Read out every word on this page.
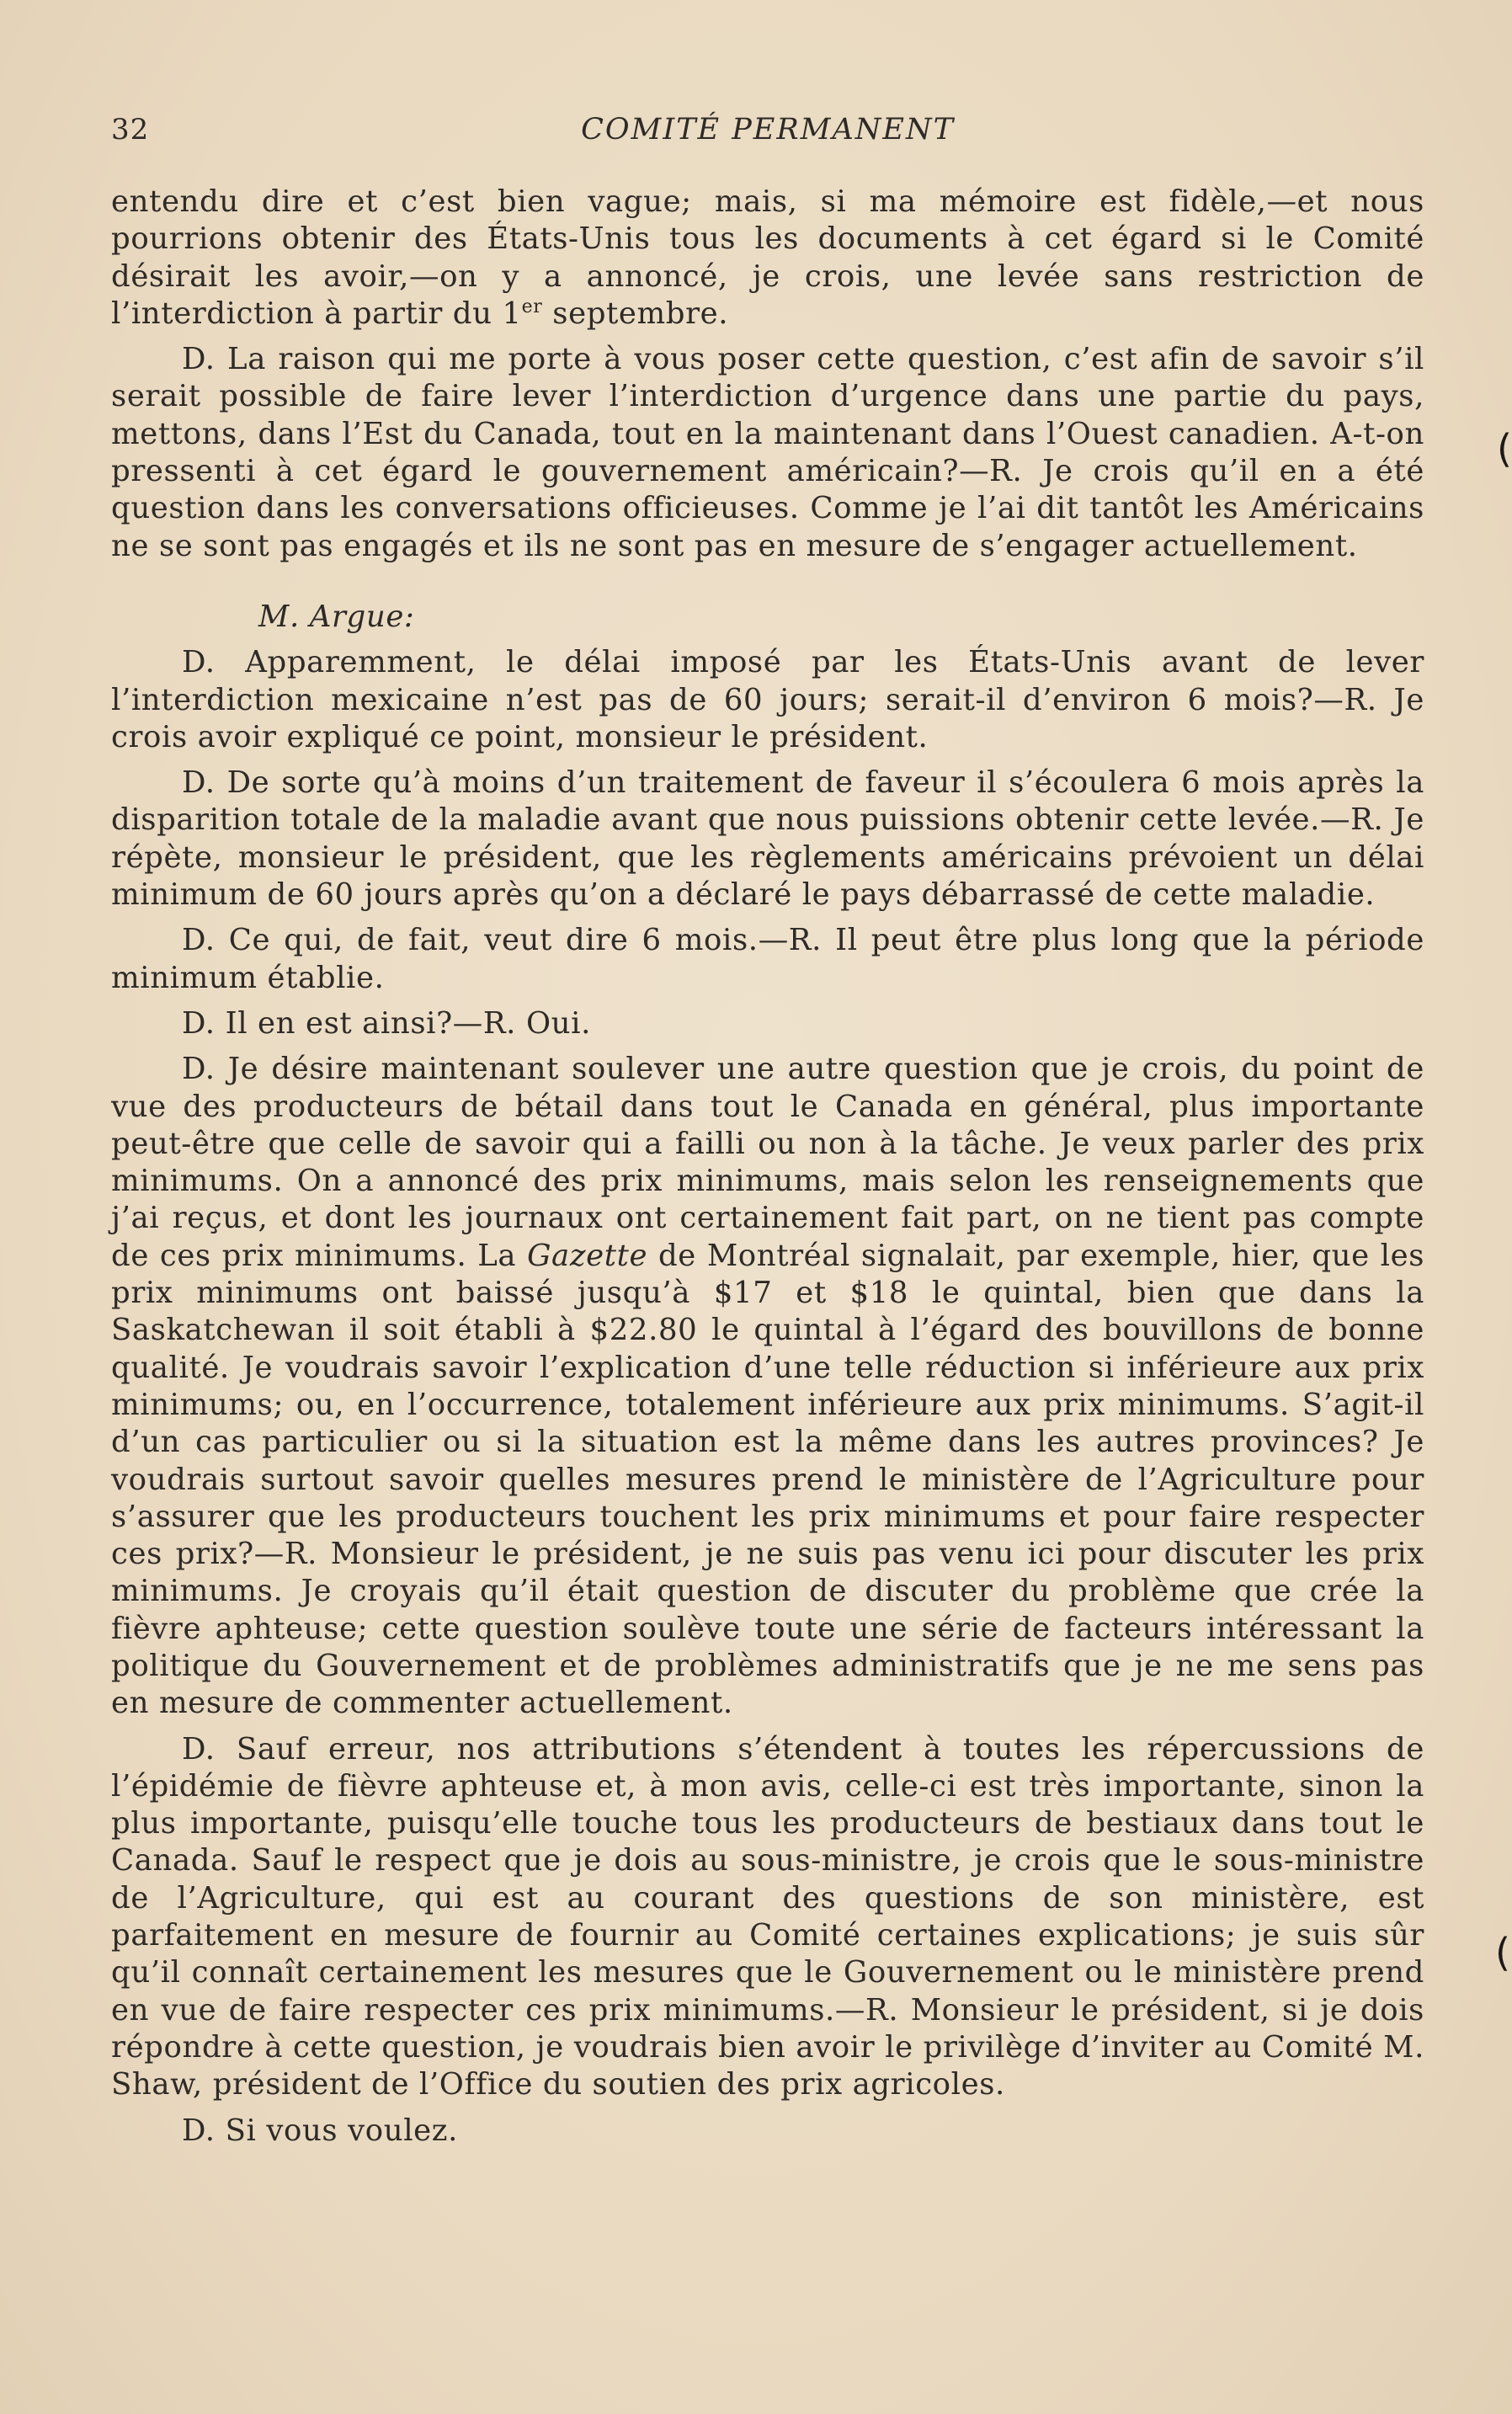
32	COMITÉ PERMANENT

entendu dire et c’est bien vague; mais, si ma mémoire est fidèle,—et nous pourrions obtenir des États-Unis tous les documents à cet égard si le Comité désirait les avoir,—on y a annoncé, je crois, une levée sans restriction de l’interdiction à partir du 1er septembre.

D. La raison qui me porte à vous poser cette question, c’est afin de savoir s’il serait possible de faire lever l’interdiction d’urgence dans une partie du pays, mettons, dans l’Est du Canada, tout en la maintenant dans l’Ouest canadien. A-t-on pressenti à cet égard le gouvernement américain?—R. Je crois qu’il en a été question dans les conversations officieuses. Comme je l’ai dit tantôt les Américains ne se sont pas engagés et ils ne sont pas en mesure de s’engager actuellement.

M. Argue:

D. Apparemment, le délai imposé par les États-Unis avant de lever l’interdiction mexicaine n’est pas de 60 jours; serait-il d’environ 6 mois?—R. Je crois avoir expliqué ce point, monsieur le président.

D. De sorte qu’à moins d’un traitement de faveur il s’écoulera 6 mois après la disparition totale de la maladie avant que nous puissions obtenir cette levée.—R. Je répète, monsieur le président, que les règlements américains prévoient un délai minimum de 60 jours après qu’on a déclaré le pays débarrassé de cette maladie.

D. Ce qui, de fait, veut dire 6 mois.—R. Il peut être plus long que la période minimum établie.

D. Il en est ainsi?—R. Oui.

D. Je désire maintenant soulever une autre question que je crois, du point de vue des producteurs de bétail dans tout le Canada en général, plus importante peut-être que celle de savoir qui a failli ou non à la tâche. Je veux parler des prix minimums. On a annoncé des prix minimums, mais selon les renseignements que j’ai reçus, et dont les journaux ont certainement fait part, on ne tient pas compte de ces prix minimums. La Gazette de Montréal signalait, par exemple, hier, que les prix minimums ont baissé jusqu’à $17 et $18 le quintal, bien que dans la Saskatchewan il soit établi à $22.80 le quintal à l’égard des bouvillons de bonne qualité. Je voudrais savoir l’explication d’une telle réduction si inférieure aux prix minimums; ou, en l’occurrence, totalement inférieure aux prix minimums. S’agit-il d’un cas particulier ou si la situation est la même dans les autres provinces? Je voudrais surtout savoir quelles mesures prend le ministère de l’Agriculture pour s’assurer que les producteurs touchent les prix minimums et pour faire respecter ces prix?—R. Monsieur le président, je ne suis pas venu ici pour discuter les prix minimums. Je croyais qu’il était question de discuter du problème que crée la fièvre aphteuse; cette question soulève toute une série de facteurs intéressant la politique du Gouvernement et de problèmes administratifs que je ne me sens pas en mesure de commenter actuellement.

D. Sauf erreur, nos attributions s’étendent à toutes les répercussions de l’épidémie de fièvre aphteuse et, à mon avis, celle-ci est très importante, sinon la plus importante, puisqu’elle touche tous les producteurs de bestiaux dans tout le Canada. Sauf le respect que je dois au sous-ministre, je crois que le sous-ministre de l’Agriculture, qui est au courant des questions de son ministère, est parfaitement en mesure de fournir au Comité certaines explications; je suis sûr qu’il connaît certainement les mesures que le Gouvernement ou le ministère prend en vue de faire respecter ces prix minimums.—R. Monsieur le président, si je dois répondre à cette question, je voudrais bien avoir le privilège d’inviter au Comité M. Shaw, président de l’Office du soutien des prix agricoles.

D. Si vous voulez.

(
(
